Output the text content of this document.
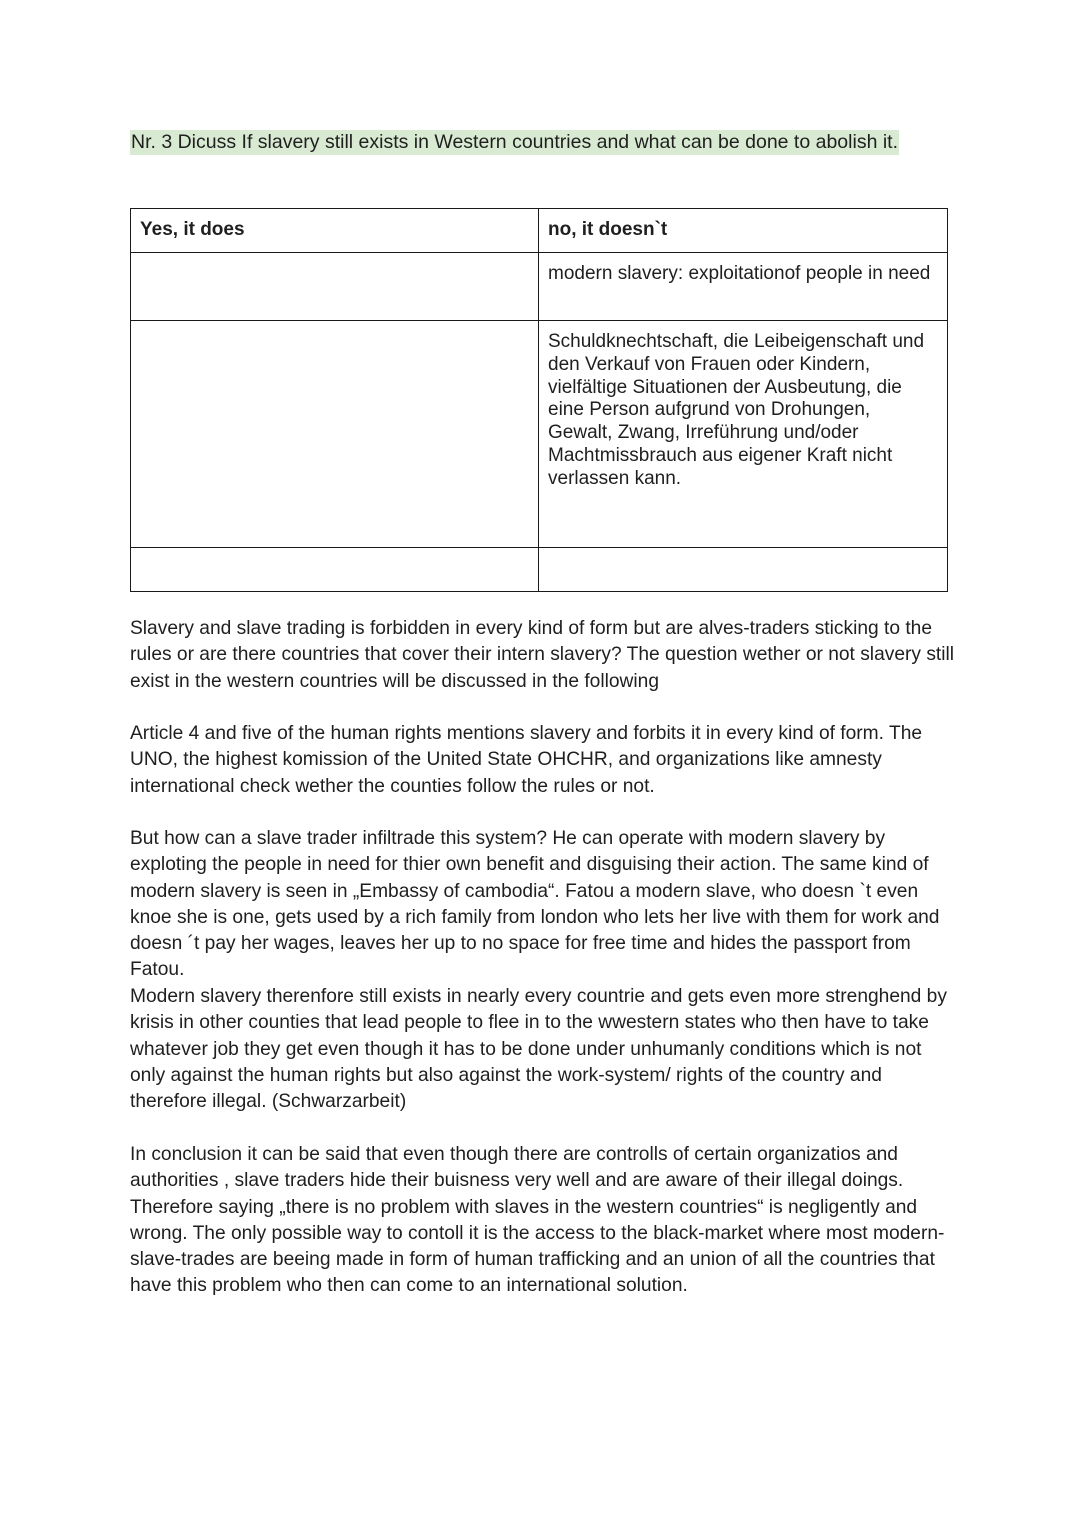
Nr. 3 Dicuss If slavery still exists in Western countries and what can be done to abolish it.

Yes, it does	no, it doesn`t
	modern slavery: exploitationof people in need
	Schuldknechtschaft, die Leibeigenschaft und den Verkauf von Frauen oder Kindern, vielfältige Situationen der Ausbeutung, die eine Person aufgrund von Drohungen, Gewalt, Zwang, Irreführung und/oder Machtmissbrauch aus eigener Kraft nicht verlassen kann.

Slavery and slave trading is forbidden in every kind of form but are alves-traders sticking to the rules or are there countries that cover their intern slavery? The question wether or not slavery still exist in the western countries will be discussed in the following

Article 4 and five of the human rights mentions slavery and forbits it in every kind of form. The UNO, the highest komission of the United State OHCHR, and organizations like amnesty international check wether the counties follow the rules or not.

But how can a slave trader infiltrade this system? He can operate with modern slavery by exploting the people in need for thier own benefit and disguising their action. The same kind of modern slavery is seen in „Embassy of cambodia“. Fatou a modern slave, who doesn `t even knoe she is one, gets used by a rich family from london who lets her live with them for work and doesn ´t pay her wages, leaves her up to no space for free time and hides the passport from Fatou.

Modern slavery therenfore still exists in nearly every countrie and gets even more strenghend by krisis in other counties that lead people to flee in to the wwestern states who then have to take whatever job they get even though it has to be done under unhumanly conditions which is not only against the human rights but also against the work-system/ rights of the country and therefore illegal. (Schwarzarbeit)

In conclusion it can be said that even though there are controlls of certain organizatios and authorities , slave traders hide their buisness very well and are aware of their illegal doings. Therefore saying „there is no problem with slaves in the western countries“ is negligently and wrong. The only possible way to contoll it is the access to the black-market where most modern-slave-trades are beeing made in form of human trafficking and an union of all the countries that have this problem who then can come to an international solution.
